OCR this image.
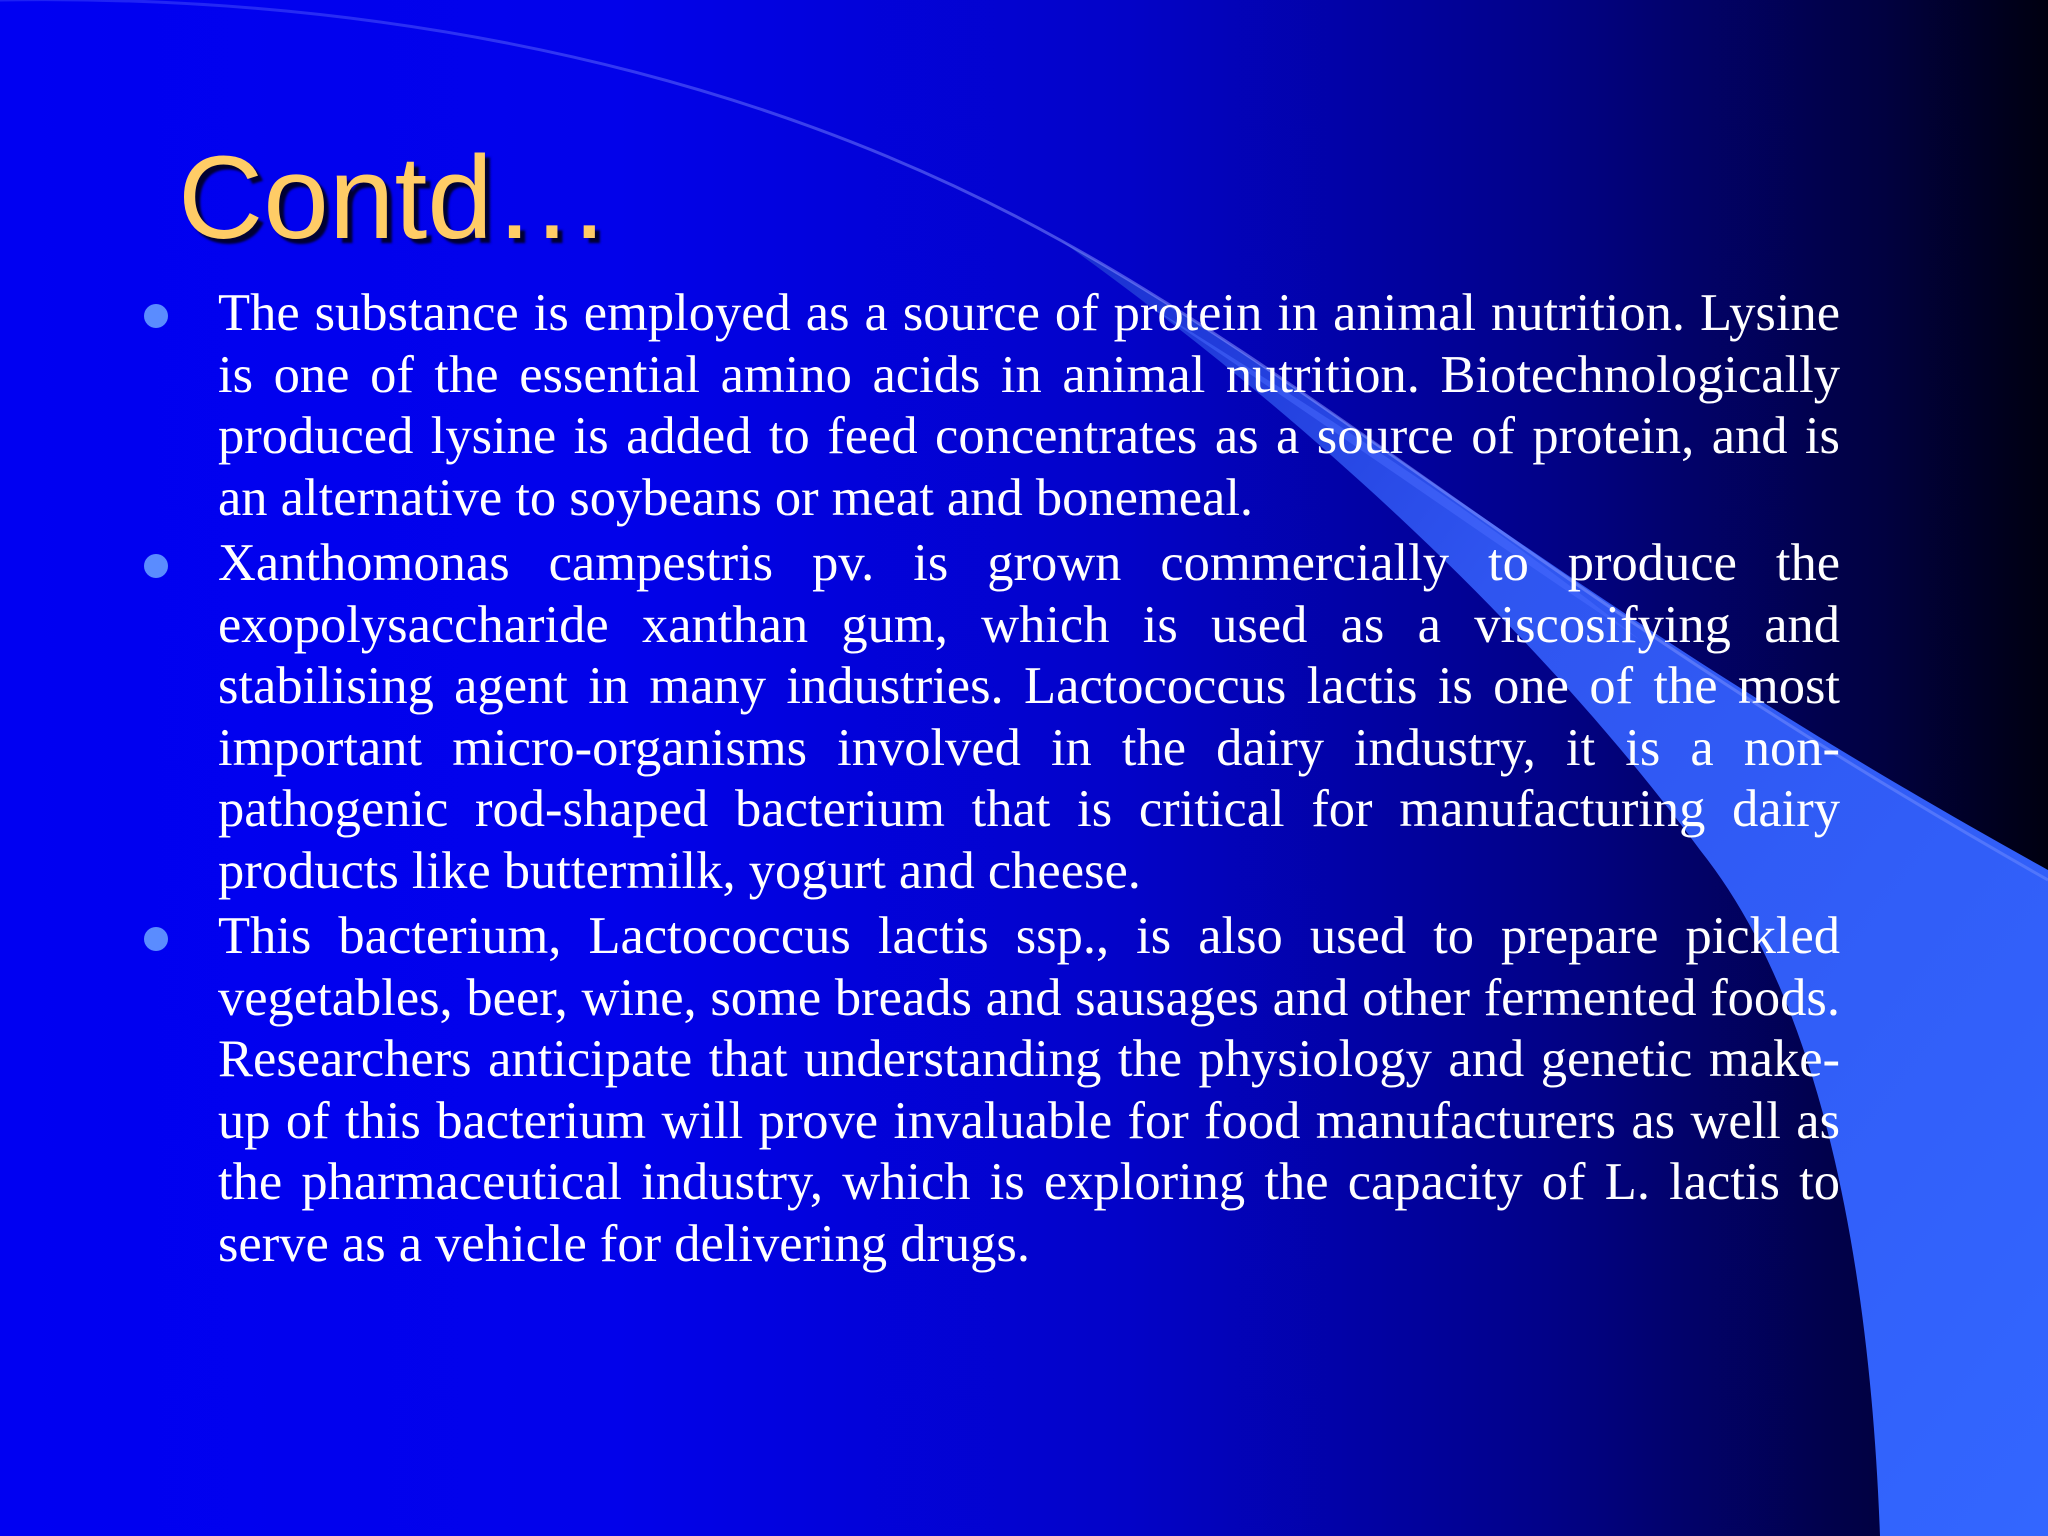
Contd…
The substance is employed as a source of protein in animal nutrition. Lysine is one of the essential amino acids in animal nutrition. Biotechnologically produced lysine is added to feed concentrates as a source of protein, and is an alternative to soybeans or meat and bonemeal.
Xanthomonas campestris pv. is grown commercially to produce the exopolysaccharide xanthan gum, which is used as a viscosifying and stabilising agent in many industries. Lactococcus lactis is one of the most important micro-organisms involved in the dairy industry, it is a non-pathogenic rod-shaped bacterium that is critical for manufacturing dairy products like buttermilk, yogurt and cheese.
This bacterium, Lactococcus lactis ssp., is also used to prepare pickled vegetables, beer, wine, some breads and sausages and other fermented foods. Researchers anticipate that understanding the physiology and genetic make-up of this bacterium will prove invaluable for food manufacturers as well as the pharmaceutical industry, which is exploring the capacity of L. lactis to serve as a vehicle for delivering drugs.
